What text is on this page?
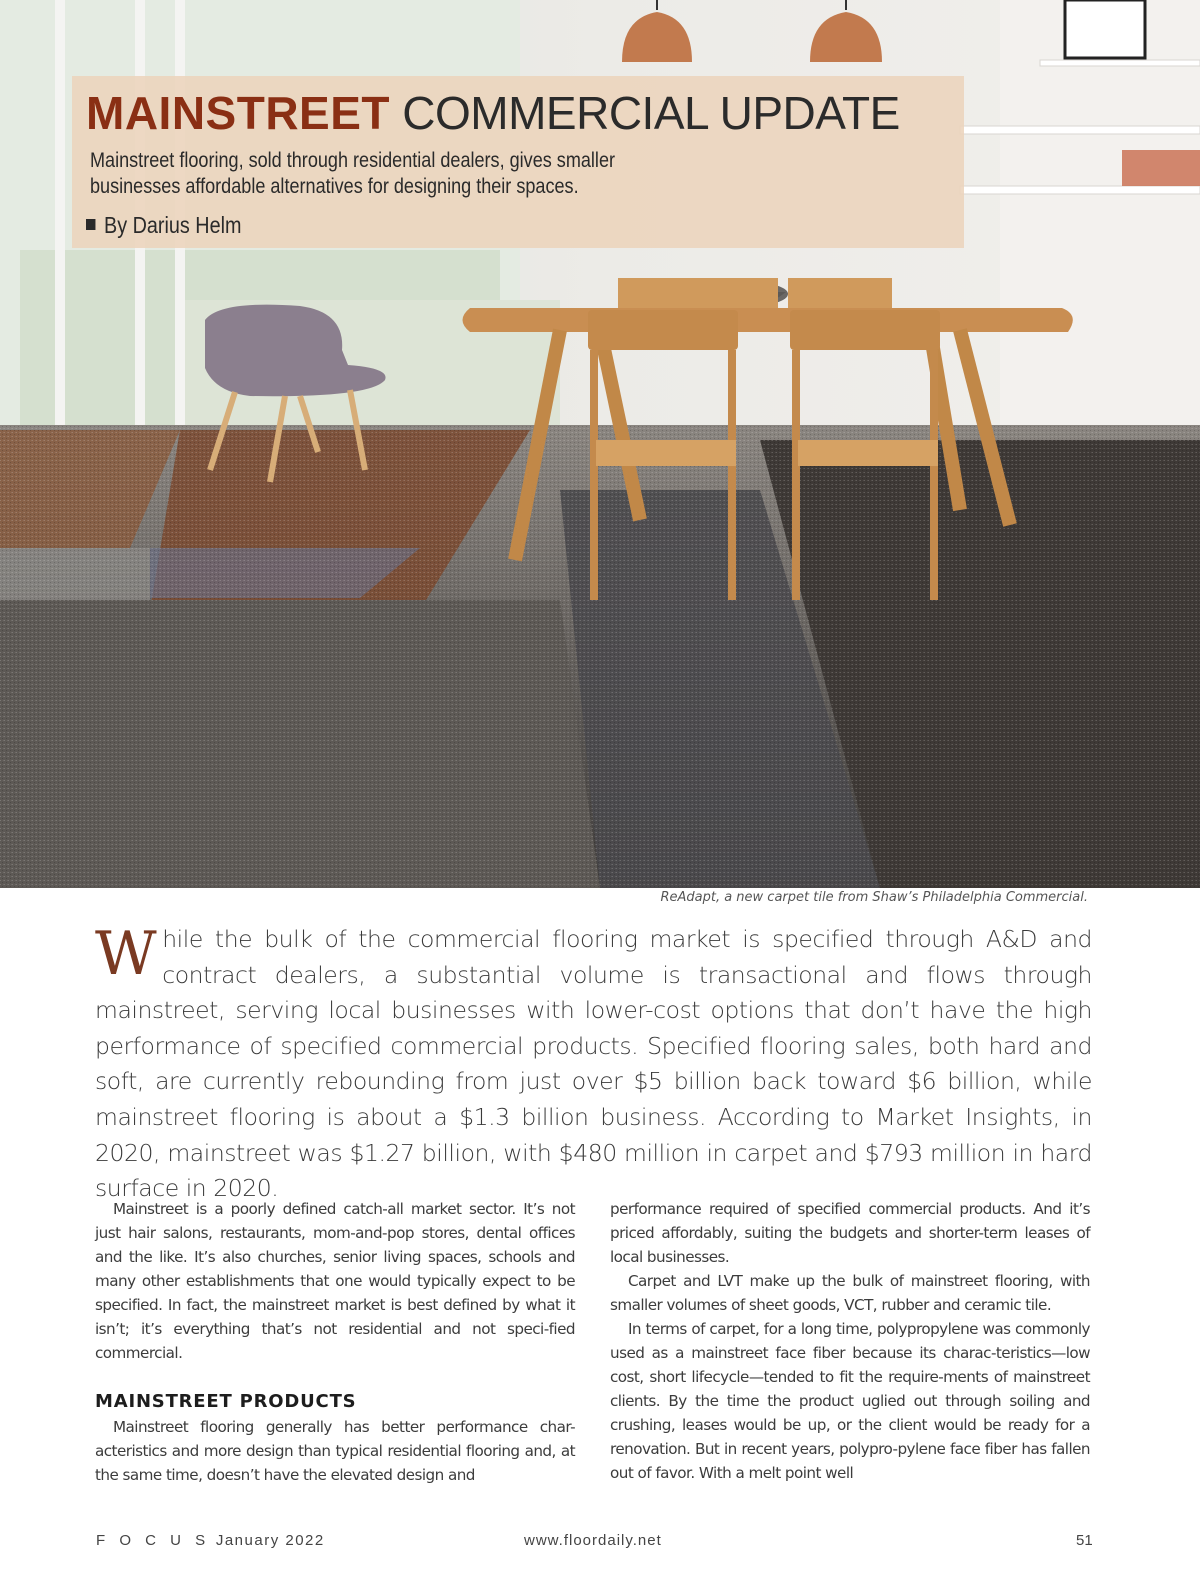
MAINSTREET COMMERCIAL UPDATE
Mainstreet flooring, sold through residential dealers, gives smaller
businesses affordable alternatives for designing their spaces.
By Darius Helm
ReAdapt, a new carpet tile from Shaw’s Philadelphia Commercial.
While the bulk of the commercial flooring market is specified through A&D and contract dealers, a substantial volume is transactional and flows through mainstreet, serving local businesses with lower-cost options that don’t have the high performance of specified commercial products. Specified flooring sales, both hard and soft, are currently rebounding from just over $5 billion back toward $6 billion, while mainstreet flooring is about a $1.3 billion business. According to Market Insights, in 2020, mainstreet was $1.27 billion, with $480 million in carpet and $793 million in hard surface in 2020.

Mainstreet is a poorly defined catch-all market sector. It’s not just hair salons, restaurants, mom-and-pop stores, dental offices and the like. It’s also churches, senior living spaces, schools and many other establishments that one would typically expect to be specified. In fact, the mainstreet market is best defined by what it isn’t; it’s everything that’s not residential and not speci-fied commercial.

MAINSTREET PRODUCTS

Mainstreet flooring generally has better performance char-acteristics and more design than typical residential flooring and, at the same time, doesn’t have the elevated design and

performance required of specified commercial products. And it’s priced affordably, suiting the budgets and shorter-term leases of local businesses.

Carpet and LVT make up the bulk of mainstreet flooring, with smaller volumes of sheet goods, VCT, rubber and ceramic tile.

In terms of carpet, for a long time, polypropylene was commonly used as a mainstreet face fiber because its charac-teristics—low cost, short lifecycle—tended to fit the require-ments of mainstreet clients. By the time the product uglied out through soiling and crushing, leases would be up, or the client would be ready for a renovation. But in recent years, polypro-pylene face fiber has fallen out of favor. With a melt point well

F O C U S January 2022	www.floordaily.net	51
